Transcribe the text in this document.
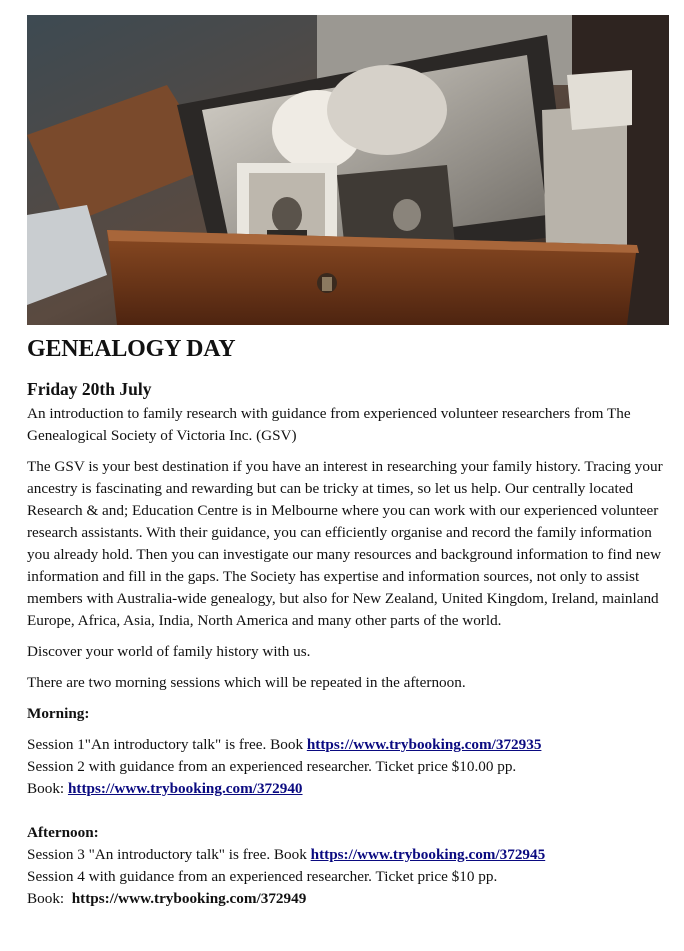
GENEALOGY DAY
Friday 20th July

An introduction to family research with guidance from experienced volunteer researchers from The Genealogical Society of Victoria Inc. (GSV)

The GSV is your best destination if you have an interest in researching your family history. Tracing your ancestry is fascinating and rewarding but can be tricky at times, so let us help. Our centrally located Research & and; Education Centre is in Melbourne where you can work with our experienced volunteer research assistants. With their guidance, you can efficiently organise and record the family information you already hold. Then you can investigate our many resources and background information to find new information and fill in the gaps. The Society has expertise and information sources, not only to assist members with Australia-wide genealogy, but also for New Zealand, United Kingdom, Ireland, mainland Europe, Africa, Asia, India, North America and many other parts of the world.

Discover your world of family history with us.

There are two morning sessions which will be repeated in the afternoon.

Morning:

Session 1"An introductory talk" is free. Book https://www.trybooking.com/372935

Session 2 with guidance from an experienced researcher. Ticket price $10.00 pp.

Book: https://www.trybooking.com/372940

Afternoon:

Session 3 "An introductory talk" is free. Book https://www.trybooking.com/372945

Session 4 with guidance from an experienced researcher. Ticket price $10 pp.

Book:  https://www.trybooking.com/372949
